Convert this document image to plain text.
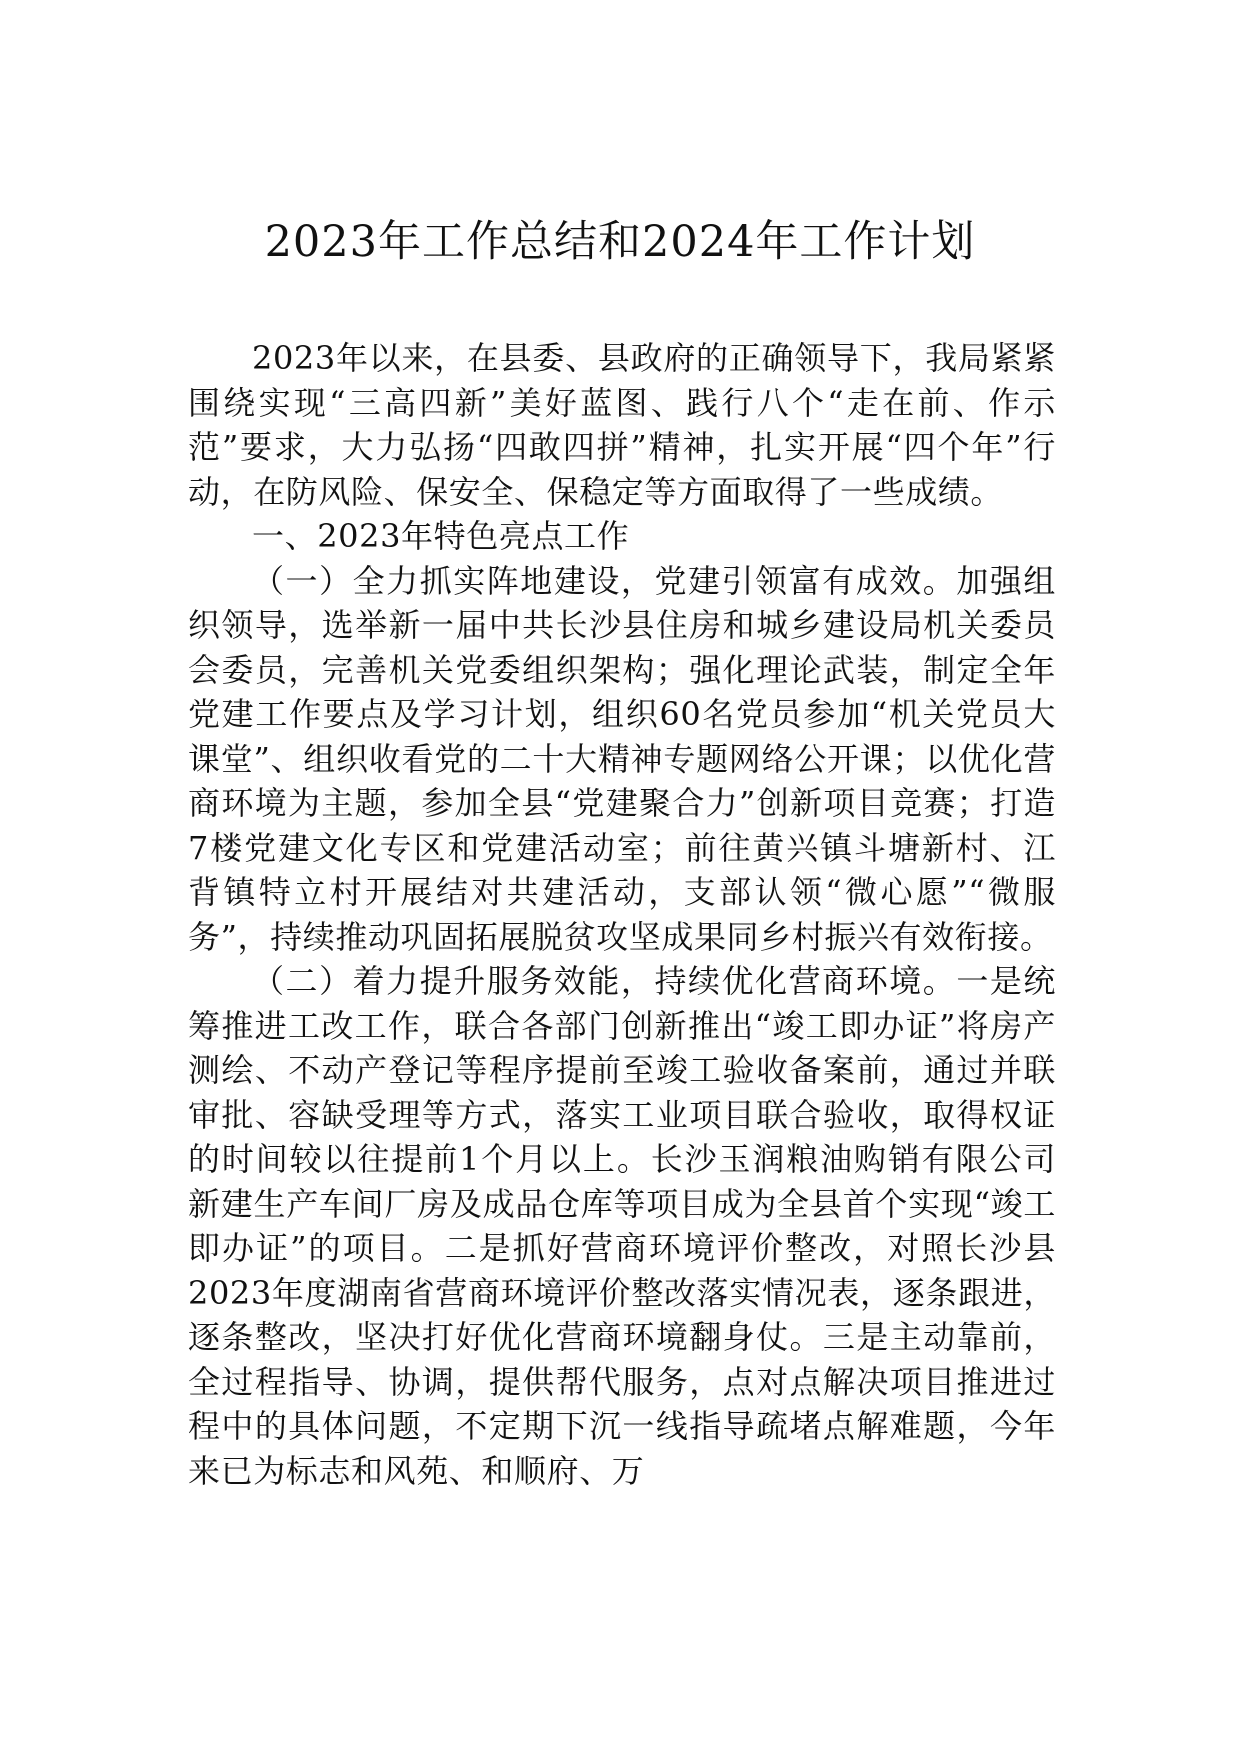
2023年工作总结和2024年工作计划

2023年以来，在县委、县政府的正确领导下，我局紧紧围绕实现“三高四新”美好蓝图、践行八个“走在前、作示范”要求，大力弘扬“四敢四拼”精神，扎实开展“四个年”行动，在防风险、保安全、保稳定等方面取得了一些成绩。

一、2023年特色亮点工作

（一）全力抓实阵地建设，党建引领富有成效。加强组织领导，选举新一届中共长沙县住房和城乡建设局机关委员会委员，完善机关党委组织架构；强化理论武装，制定全年党建工作要点及学习计划，组织60名党员参加“机关党员大课堂”、组织收看党的二十大精神专题网络公开课；以优化营商环境为主题，参加全县“党建聚合力”创新项目竞赛；打造7楼党建文化专区和党建活动室；前往黄兴镇斗塘新村、江背镇特立村开展结对共建活动，支部认领“微心愿”“微服务”，持续推动巩固拓展脱贫攻坚成果同乡村振兴有效衔接。

（二）着力提升服务效能，持续优化营商环境。一是统筹推进工改工作，联合各部门创新推出“竣工即办证”将房产测绘、不动产登记等程序提前至竣工验收备案前，通过并联审批、容缺受理等方式，落实工业项目联合验收，取得权证的时间较以往提前1个月以上。长沙玉润粮油购销有限公司新建生产车间厂房及成品仓库等项目成为全县首个实现“竣工即办证”的项目。二是抓好营商环境评价整改，对照长沙县2023年度湖南省营商环境评价整改落实情况表，逐条跟进，逐条整改，坚决打好优化营商环境翻身仗。三是主动靠前，全过程指导、协调，提供帮代服务，点对点解决项目推进过程中的具体问题，不定期下沉一线指导疏堵点解难题，今年来已为标志和风苑、和顺府、万
